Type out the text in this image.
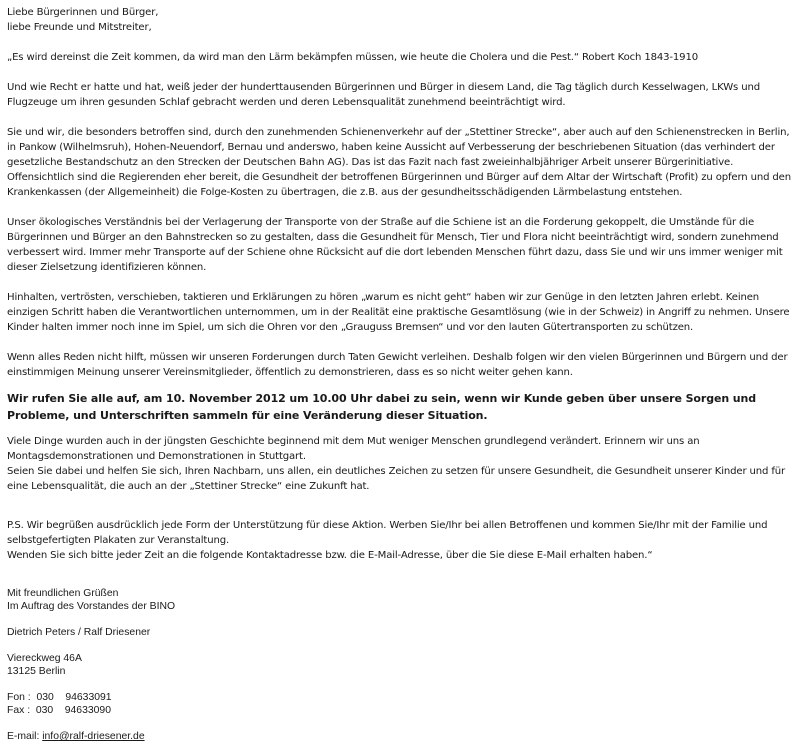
Liebe Bürgerinnen und Bürger,

liebe Freunde und Mitstreiter,

„Es wird dereinst die Zeit kommen, da wird man den Lärm bekämpfen müssen, wie heute die Cholera und die Pest.“ Robert Koch 1843-1910

Und wie Recht er hatte und hat, weiß jeder der hunderttausenden Bürgerinnen und Bürger in diesem Land, die Tag täglich durch Kesselwagen, LKWs und Flugzeuge um ihren gesunden Schlaf gebracht werden und deren Lebensqualität zunehmend beeinträchtigt wird.

Sie und wir, die besonders betroffen sind, durch den zunehmenden Schienenverkehr auf der „Stettiner Strecke“, aber auch auf den Schienenstrecken in Berlin, in Pankow (Wilhelmsruh), Hohen-Neuendorf, Bernau und anderswo, haben keine Aussicht auf Verbesserung der beschriebenen Situation (das verhindert der gesetzliche Bestandschutz an den Strecken der Deutschen Bahn AG). Das ist das Fazit nach fast zweieinhalbjähriger Arbeit unserer Bürgerinitiative. Offensichtlich sind die Regierenden eher bereit, die Gesundheit der betroffenen Bürgerinnen und Bürger auf dem Altar der Wirtschaft (Profit) zu opfern und den Krankenkassen (der Allgemeinheit) die Folge-Kosten zu übertragen, die z.B. aus der gesundheitsschädigenden Lärmbelastung entstehen.

Unser ökologisches Verständnis bei der Verlagerung der Transporte von der Straße auf die Schiene ist an die Forderung gekoppelt, die Umstände für die Bürgerinnen und Bürger an den Bahnstrecken so zu gestalten, dass die Gesundheit für Mensch, Tier und Flora nicht beeinträchtigt wird, sondern zunehmend verbessert wird. Immer mehr Transporte auf der Schiene ohne Rücksicht auf die dort lebenden Menschen führt dazu, dass Sie und wir uns immer weniger mit dieser Zielsetzung identifizieren können.

Hinhalten, vertrösten, verschieben, taktieren und Erklärungen zu hören „warum es nicht geht“ haben wir zur Genüge in den letzten Jahren erlebt. Keinen einzigen Schritt haben die Verantwortlichen unternommen, um in der Realität eine praktische Gesamtlösung (wie in der Schweiz) in Angriff zu nehmen. Unsere Kinder halten immer noch inne im Spiel, um sich die Ohren vor den „Grauguss Bremsen“ und vor den lauten Gütertransporten zu schützen.

Wenn alles Reden nicht hilft, müssen wir unseren Forderungen durch Taten Gewicht verleihen. Deshalb folgen wir den vielen Bürgerinnen und Bürgern und der einstimmigen Meinung unserer Vereinsmitglieder, öffentlich zu demonstrieren, dass es so nicht weiter gehen kann.

Wir rufen Sie alle auf, am 10. November 2012 um 10.00 Uhr dabei zu sein, wenn wir Kunde geben über unsere Sorgen und Probleme, und Unterschriften sammeln für eine Veränderung dieser Situation.

Viele Dinge wurden auch in der jüngsten Geschichte beginnend mit dem Mut weniger Menschen grundlegend verändert. Erinnern wir uns an Montagsdemonstrationen und Demonstrationen in Stuttgart.

Seien Sie dabei und helfen Sie sich, Ihren Nachbarn, uns allen, ein deutliches Zeichen zu setzen für unsere Gesundheit, die Gesundheit unserer Kinder und für eine Lebensqualität, die auch an der „Stettiner Strecke“ eine Zukunft hat.

P.S. Wir begrüßen ausdrücklich jede Form der Unterstützung für diese Aktion. Werben Sie/Ihr bei allen Betroffenen und kommen Sie/Ihr mit der Familie und selbstgefertigten Plakaten zur Veranstaltung.

Wenden Sie sich bitte jeder Zeit an die folgende Kontaktadresse bzw. die E-Mail-Adresse, über die Sie diese E-Mail erhalten haben.“

Mit freundlichen Grüßen

Im Auftrag des Vorstandes der BINO

Dietrich Peters / Ralf Driesener

Viereckweg 46A

13125 Berlin

Fon :  030    94633091

Fax :  030    94633090

E-mail: info@ralf-driesener.de
